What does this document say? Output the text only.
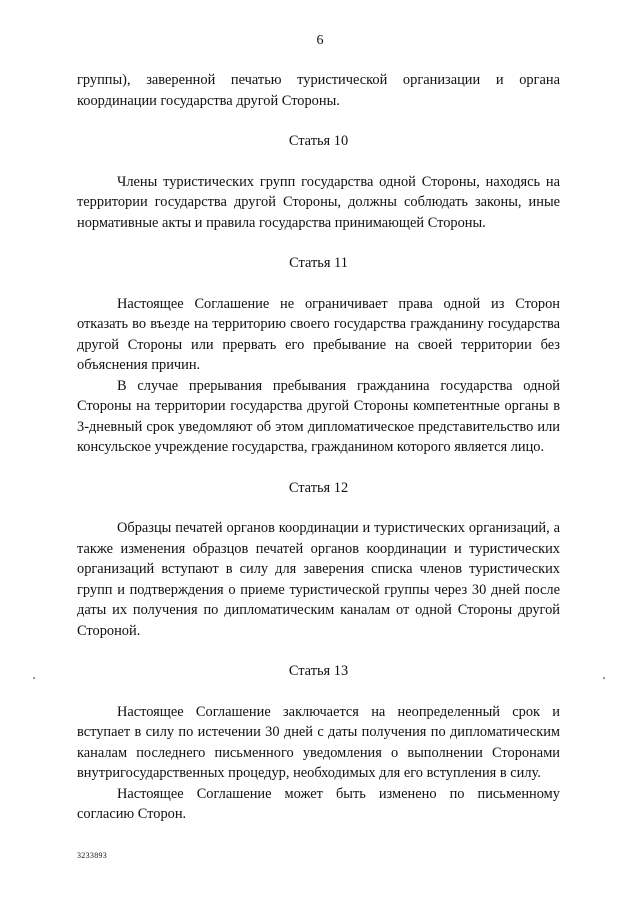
6

группы), заверенной печатью туристической организации и органа координации государства другой Стороны.

Статья 10

Члены туристических групп государства одной Стороны, находясь на территории государства другой Стороны, должны соблюдать законы, иные нормативные акты и правила государства принимающей Стороны.

Статья 11

Настоящее Соглашение не ограничивает права одной из Сторон отказать во въезде на территорию своего государства гражданину государства другой Стороны или прервать его пребывание на своей территории без объяснения причин.

В случае прерывания пребывания гражданина государства одной Стороны на территории государства другой Стороны компетентные органы в 3-дневный срок уведомляют об этом дипломатическое представительство или консульское учреждение государства, гражданином которого является лицо.

Статья 12

Образцы печатей органов координации и туристических организаций, а также изменения образцов печатей органов координации и туристических организаций вступают в силу для заверения списка членов туристических групп и подтверждения о приеме туристической группы через 30 дней после даты их получения по дипломатическим каналам от одной Стороны другой Стороной.

Статья 13

Настоящее Соглашение заключается на неопределенный срок и вступает в силу по истечении 30 дней с даты получения по дипломатическим каналам последнего письменного уведомления о выполнении Сторонами внутригосударственных процедур, необходимых для его вступления в силу.

Настоящее Соглашение может быть изменено по письменному согласию Сторон.

3233893
